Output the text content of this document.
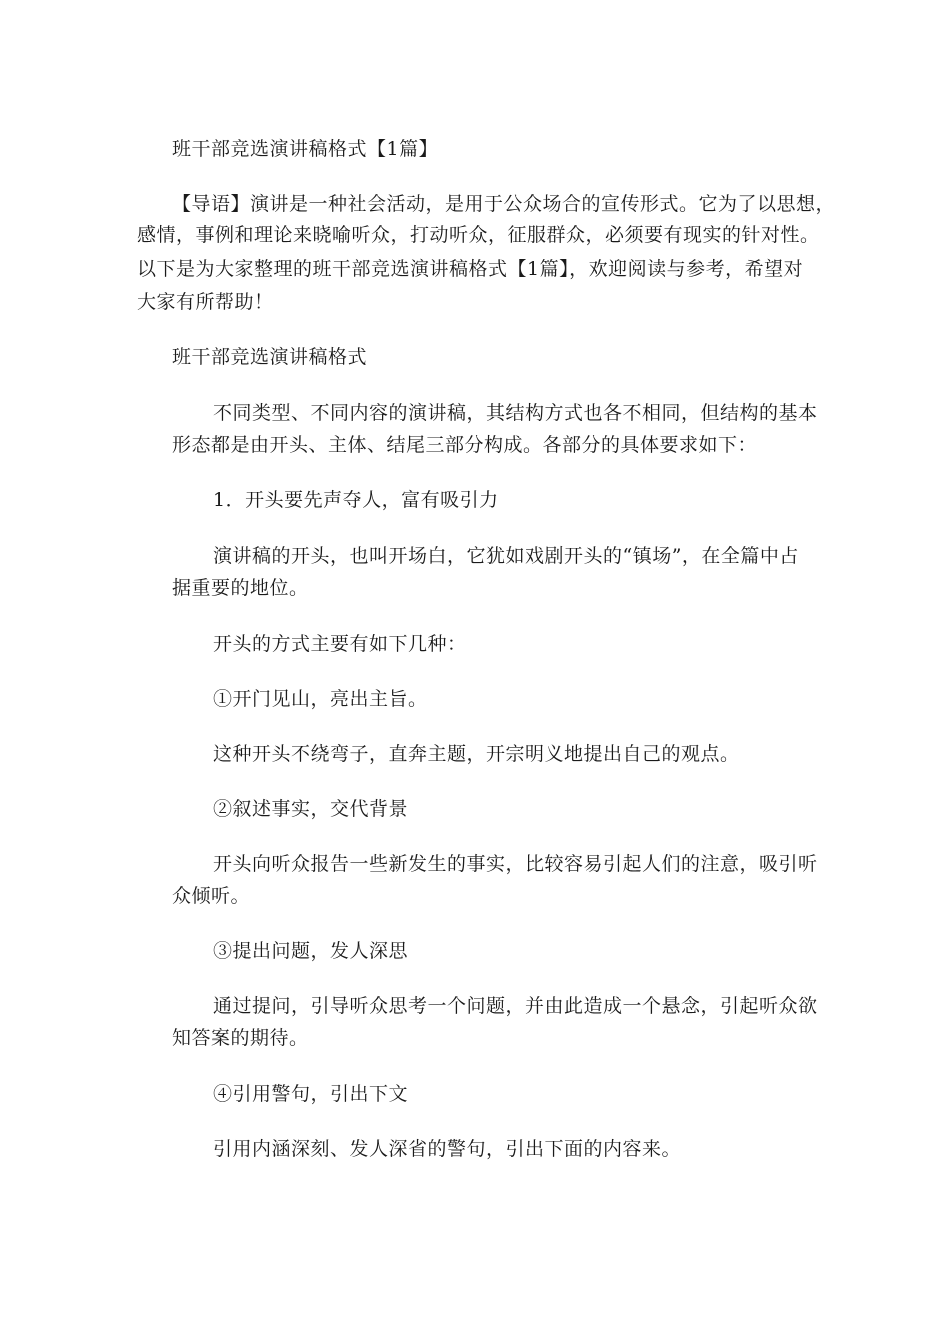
班干部竞选演讲稿格式【1篇】
【导语】演讲是一种社会活动，是用于公众场合的宣传形式。它为了以思想，
感情，事例和理论来晓喻听众，打动听众，征服群众，必须要有现实的针对性。
以下是为大家整理的班干部竞选演讲稿格式【1篇】，欢迎阅读与参考，希望对
大家有所帮助！
班干部竞选演讲稿格式
不同类型、不同内容的演讲稿，其结构方式也各不相同，但结构的基本
形态都是由开头、主体、结尾三部分构成。各部分的具体要求如下：
1．开头要先声夺人，富有吸引力
演讲稿的开头，也叫开场白，它犹如戏剧开头的“镇场”，在全篇中占
据重要的地位。
开头的方式主要有如下几种：
①开门见山，亮出主旨。
这种开头不绕弯子，直奔主题，开宗明义地提出自己的观点。
②叙述事实，交代背景
开头向听众报告一些新发生的事实，比较容易引起人们的注意，吸引听
众倾听。
③提出问题，发人深思
通过提问，引导听众思考一个问题，并由此造成一个悬念，引起听众欲
知答案的期待。
④引用警句，引出下文
引用内涵深刻、发人深省的警句，引出下面的内容来。
